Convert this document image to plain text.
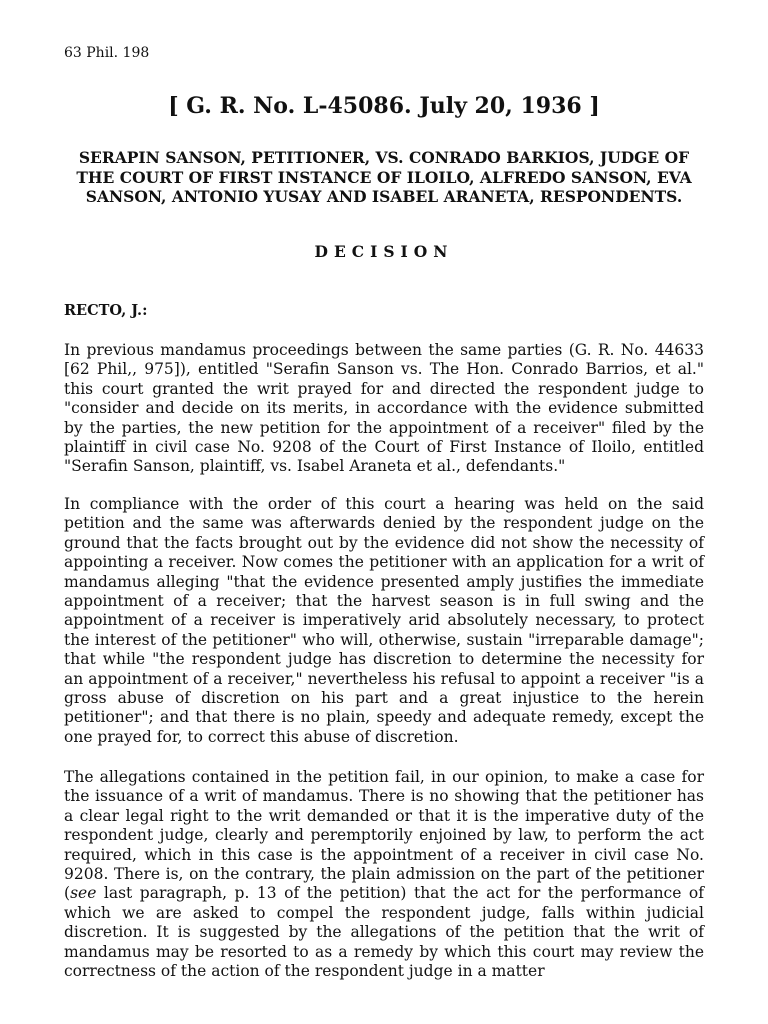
63 Phil. 198

[ G. R. No. L-45086. July 20, 1936 ]
SERAPIN SANSON, PETITIONER, VS. CONRADO BARKIOS, JUDGE OF THE COURT OF FIRST INSTANCE OF ILOILO, ALFREDO SANSON, EVA SANSON, ANTONIO YUSAY AND ISABEL ARANETA, RESPONDENTS.
DECISION

RECTO, J.:

In previous mandamus proceedings between the same parties (G. R. No. 44633 [62 Phil,, 975]), entitled "Serafin Sanson vs. The Hon. Conrado Barrios, et al." this court granted the writ prayed for and directed the respondent judge to "consider and decide on its merits, in accordance with the evidence submitted by the parties, the new petition for the appointment of a receiver" filed by the plaintiff in civil case No. 9208 of the Court of First Instance of Iloilo, entitled "Serafin Sanson, plaintiff, vs. Isabel Araneta et al., defendants."

In compliance with the order of this court a hearing was held on the said petition and the same was afterwards denied by the respondent judge on the ground that the facts brought out by the evidence did not show the necessity of appointing a receiver. Now comes the petitioner with an application for a writ of mandamus alleging "that the evidence presented amply justifies the immediate appointment of a receiver; that the harvest season is in full swing and the appointment of a receiver is imperatively arid absolutely necessary, to protect the interest of the petitioner" who will, otherwise, sustain "irreparable damage"; that while "the respondent judge has discretion to determine the necessity for an appointment of a receiver," nevertheless his refusal to appoint a receiver "is a gross abuse of discretion on his part and a great injustice to the herein petitioner"; and that there is no plain, speedy and adequate remedy, except the one prayed for, to correct this abuse of discretion.

The allegations contained in the petition fail, in our opinion, to make a case for the issuance of a writ of mandamus. There is no showing that the petitioner has a clear legal right to the writ demanded or that it is the imperative duty of the respondent judge, clearly and peremptorily enjoined by law, to perform the act required, which in this case is the appointment of a receiver in civil case No. 9208. There is, on the contrary, the plain admission on the part of the petitioner (see last paragraph, p. 13 of the petition) that the act for the performance of which we are asked to compel the respondent judge, falls within judicial discretion. It is suggested by the allegations of the petition that the writ of mandamus may be resorted to as a remedy by which this court may review the correctness of the action of the respondent judge in a matter
